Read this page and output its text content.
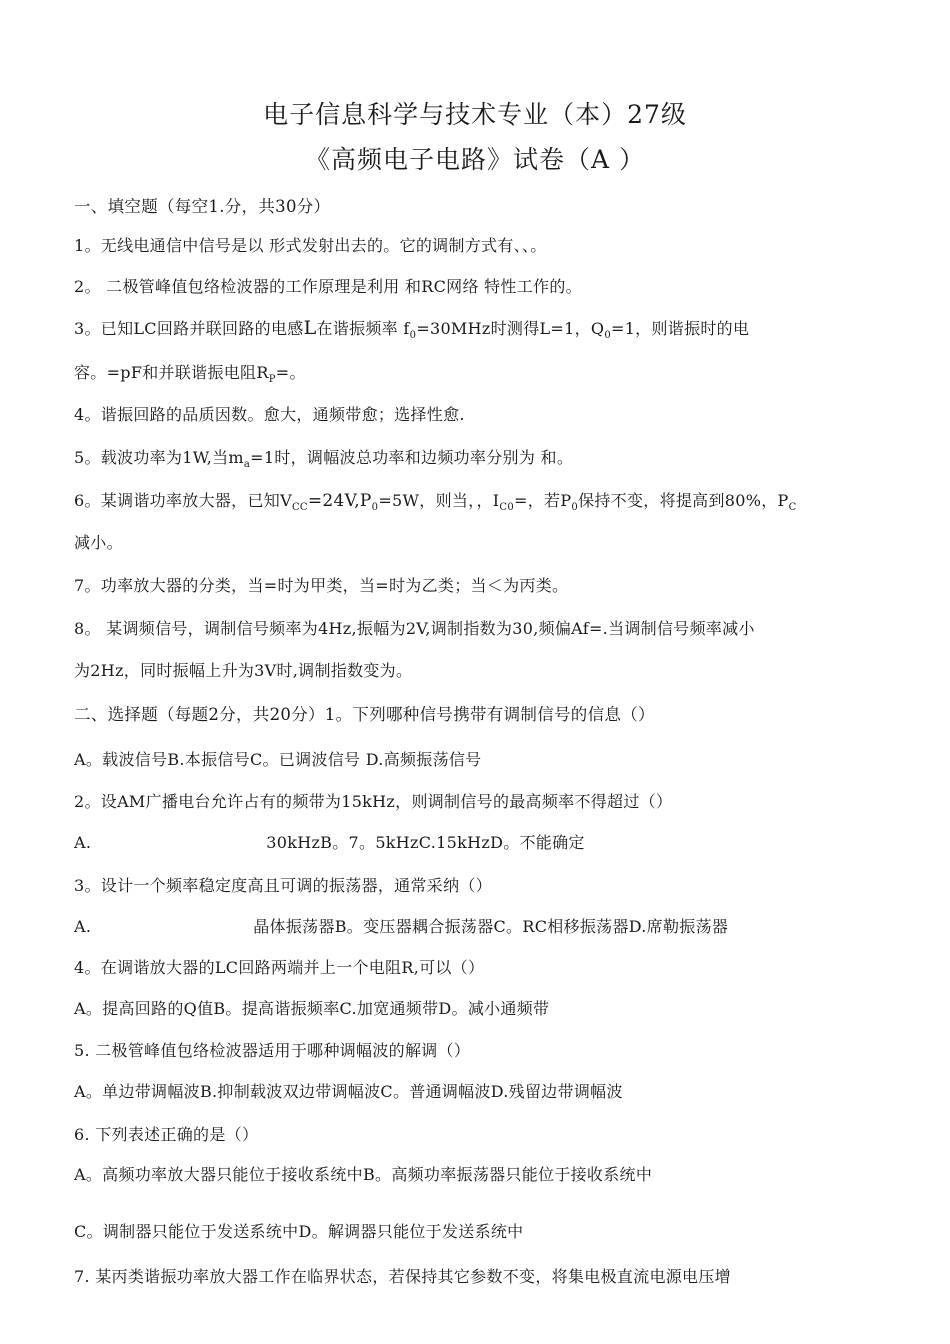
电子信息科学与技术专业（本）27级
《高频电子电路》试卷（A ）
一、填空题（每空1.分，共30分）
1。无线电通信中信号是以 形式发射出去的。它的调制方式有、、。
2。 二极管峰值包络检波器的工作原理是利用 和RC网络 特性工作的。
3。已知LC回路并联回路的电感L在谐振频率 $f_0=30MHz$时测得L=1，$Q_0=1$，则谐振时的电
容。=pF和并联谐振电阻$R_P=$。
4。谐振回路的品质因数。愈大，通频带愈；选择性愈.
5。载波功率为1W,当$m_a=1$时，调幅波总功率和边频功率分别为 和。
6。某调谐功率放大器，已知$V_{CC}=24V,P_0=5W$，则当，，$I_{C0}=$，若$P_0$保持不变，将提高到80%，$P_C$
减小。
7。功率放大器的分类，当=时为甲类，当=时为乙类；当＜为丙类。
8。 某调频信号，调制信号频率为4Hz,振幅为2V,调制指数为30,频偏Af=.当调制信号频率减小
为2Hz，同时振幅上升为3V时,调制指数变为。
二、选择题（每题2分，共20分）1。下列哪种信号携带有调制信号的信息（）
A。载波信号B.本振信号C。已调波信号 D.高频振荡信号
2。设AM广播电台允许占有的频带为15kHz，则调制信号的最高频率不得超过（）
A.	30kHzB。7。5kHzC.15kHzD。不能确定
3。设计一个频率稳定度高且可调的振荡器，通常采纳（）
A.	晶体振荡器B。变压器耦合振荡器C。RC相移振荡器D.席勒振荡器
4。在调谐放大器的LC回路两端并上一个电阻R,可以（）
A。提高回路的Q值B。提高谐振频率C.加宽通频带D。减小通频带
5. 二极管峰值包络检波器适用于哪种调幅波的解调（）
A。单边带调幅波B.抑制载波双边带调幅波C。普通调幅波D.残留边带调幅波
6. 下列表述正确的是（）
A。高频功率放大器只能位于接收系统中B。高频功率振荡器只能位于接收系统中
C。调制器只能位于发送系统中D。解调器只能位于发送系统中
7. 某丙类谐振功率放大器工作在临界状态，若保持其它参数不变，将集电极直流电源电压增
